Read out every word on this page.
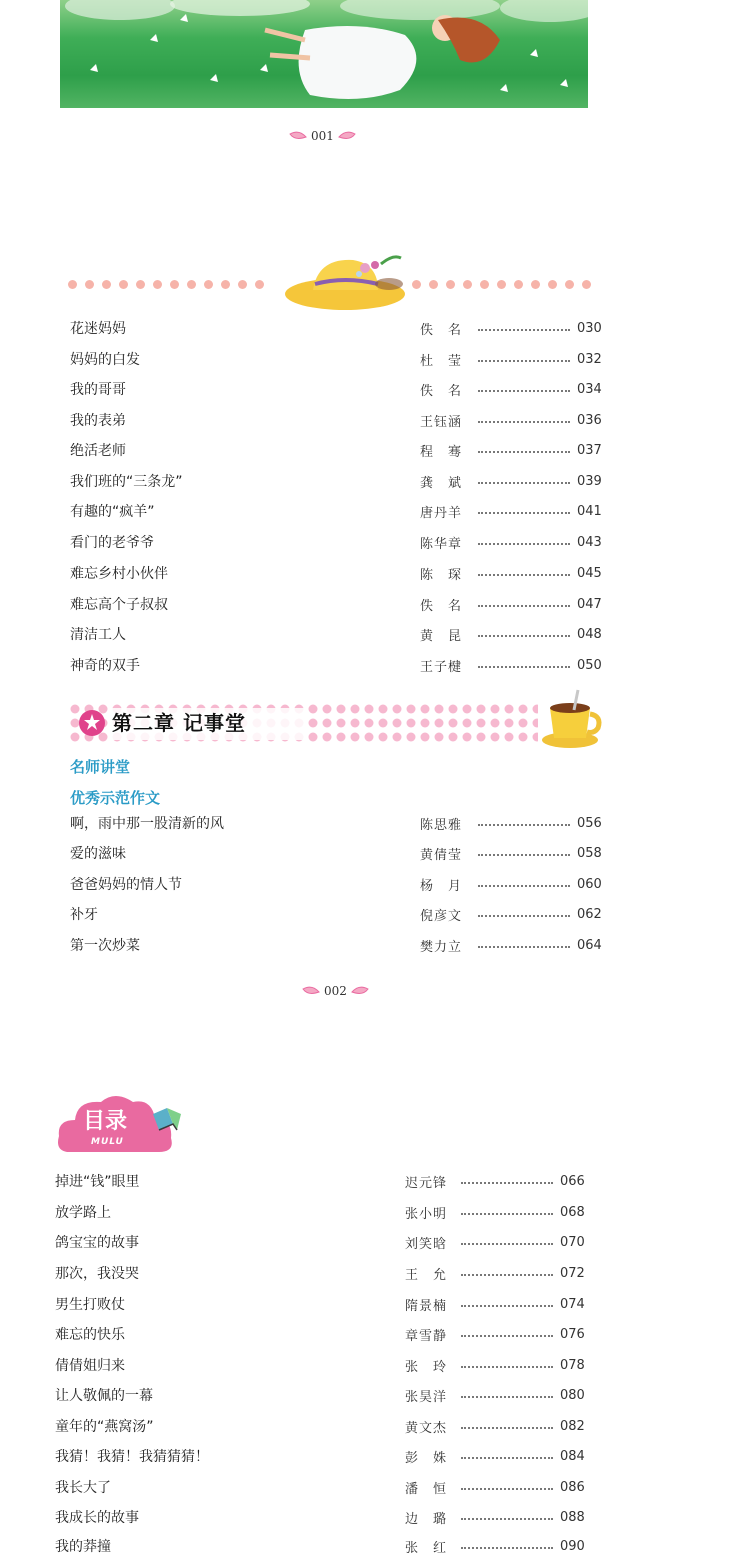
001
花迷妈妈	佚　名	030
妈妈的白发	杜　莹	032
我的哥哥	佚　名	034
我的表弟	王钰涵	036
绝活老师	程　骞	037
我们班的“三条龙”	龚　斌	039
有趣的“疯羊”	唐丹羊	041
看门的老爷爷	陈华章	043
难忘乡村小伙伴	陈　琛	045
难忘高个子叔叔	佚　名	047
清洁工人	黄　昆	048
神奇的双手	王子楗	050
第二章 记事堂
名师讲堂
优秀示范作文
啊，雨中那一股清新的风	陈思雅	056
爱的滋味	黄倩莹	058
爸爸妈妈的情人节	杨　月	060
补牙	倪彦文	062
第一次炒菜	樊力立	064
002
目录
MULU
掉进“钱”眼里	迟元锋	066
放学路上	张小明	068
鸽宝宝的故事	刘笑晗	070
那次，我没哭	王　允	072
男生打败仗	隋景楠	074
难忘的快乐	章雪静	076
倩倩姐归来	张　玲	078
让人敬佩的一幕	张昊洋	080
童年的“燕窝汤”	黄文杰	082
我猜！我猜！我猜猜猜！	彭　姝	084
我长大了	潘　恒	086
我成长的故事	边　璐	088
我的莽撞	张　红	090
